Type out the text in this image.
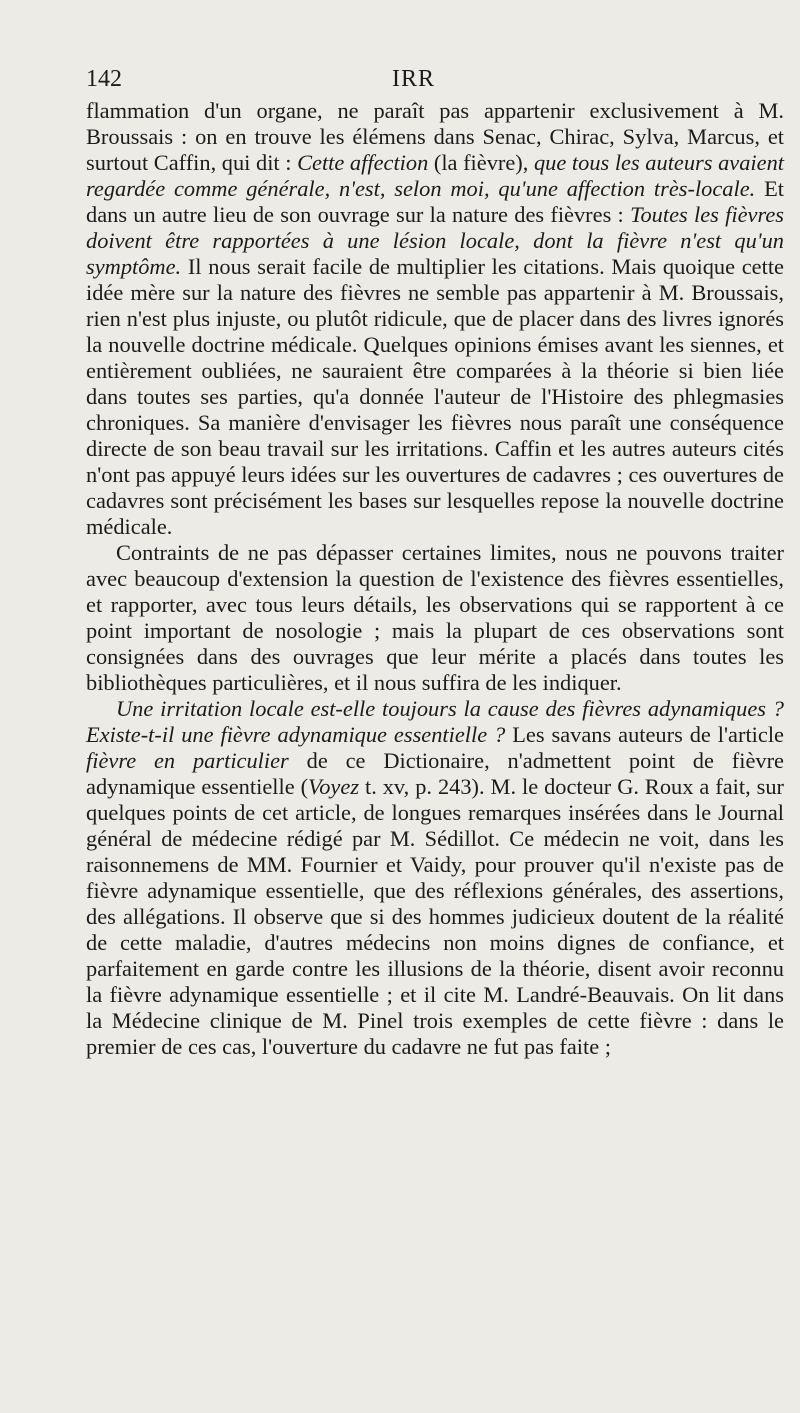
142	IRR

flammation d'un organe, ne paraît pas appartenir exclusivement à M. Broussais : on en trouve les élémens dans Senac, Chirac, Sylva, Marcus, et surtout Caffin, qui dit : Cette affection (la fièvre), que tous les auteurs avaient regardée comme générale, n'est, selon moi, qu'une affection très-locale. Et dans un autre lieu de son ouvrage sur la nature des fièvres : Toutes les fièvres doivent être rapportées à une lésion locale, dont la fièvre n'est qu'un symptôme. Il nous serait facile de multiplier les citations. Mais quoique cette idée mère sur la nature des fièvres ne semble pas appartenir à M. Broussais, rien n'est plus injuste, ou plutôt ridicule, que de placer dans des livres ignorés la nouvelle doctrine médicale. Quelques opinions émises avant les siennes, et entièrement oubliées, ne sauraient être comparées à la théorie si bien liée dans toutes ses parties, qu'a donnée l'auteur de l'Histoire des phlegmasies chroniques. Sa manière d'envisager les fièvres nous paraît une conséquence directe de son beau travail sur les irritations. Caffin et les autres auteurs cités n'ont pas appuyé leurs idées sur les ouvertures de cadavres ; ces ouvertures de cadavres sont précisément les bases sur lesquelles repose la nouvelle doctrine médicale.

Contraints de ne pas dépasser certaines limites, nous ne pouvons traiter avec beaucoup d'extension la question de l'existence des fièvres essentielles, et rapporter, avec tous leurs détails, les observations qui se rapportent à ce point important de nosologie ; mais la plupart de ces observations sont consignées dans des ouvrages que leur mérite a placés dans toutes les bibliothèques particulières, et il nous suffira de les indiquer.

Une irritation locale est-elle toujours la cause des fièvres adynamiques ? Existe-t-il une fièvre adynamique essentielle ? Les savans auteurs de l'article fièvre en particulier de ce Dictionaire, n'admettent point de fièvre adynamique essentielle (Voyez t. xv, p. 243). M. le docteur G. Roux a fait, sur quelques points de cet article, de longues remarques insérées dans le Journal général de médecine rédigé par M. Sédillot. Ce médecin ne voit, dans les raisonnemens de MM. Fournier et Vaidy, pour prouver qu'il n'existe pas de fièvre adynamique essentielle, que des réflexions générales, des assertions, des allégations. Il observe que si des hommes judicieux doutent de la réalité de cette maladie, d'autres médecins non moins dignes de confiance, et parfaitement en garde contre les illusions de la théorie, disent avoir reconnu la fièvre adynamique essentielle ; et il cite M. Landré-Beauvais. On lit dans la Médecine clinique de M. Pinel trois exemples de cette fièvre : dans le premier de ces cas, l'ouverture du cadavre ne fut pas faite ;
